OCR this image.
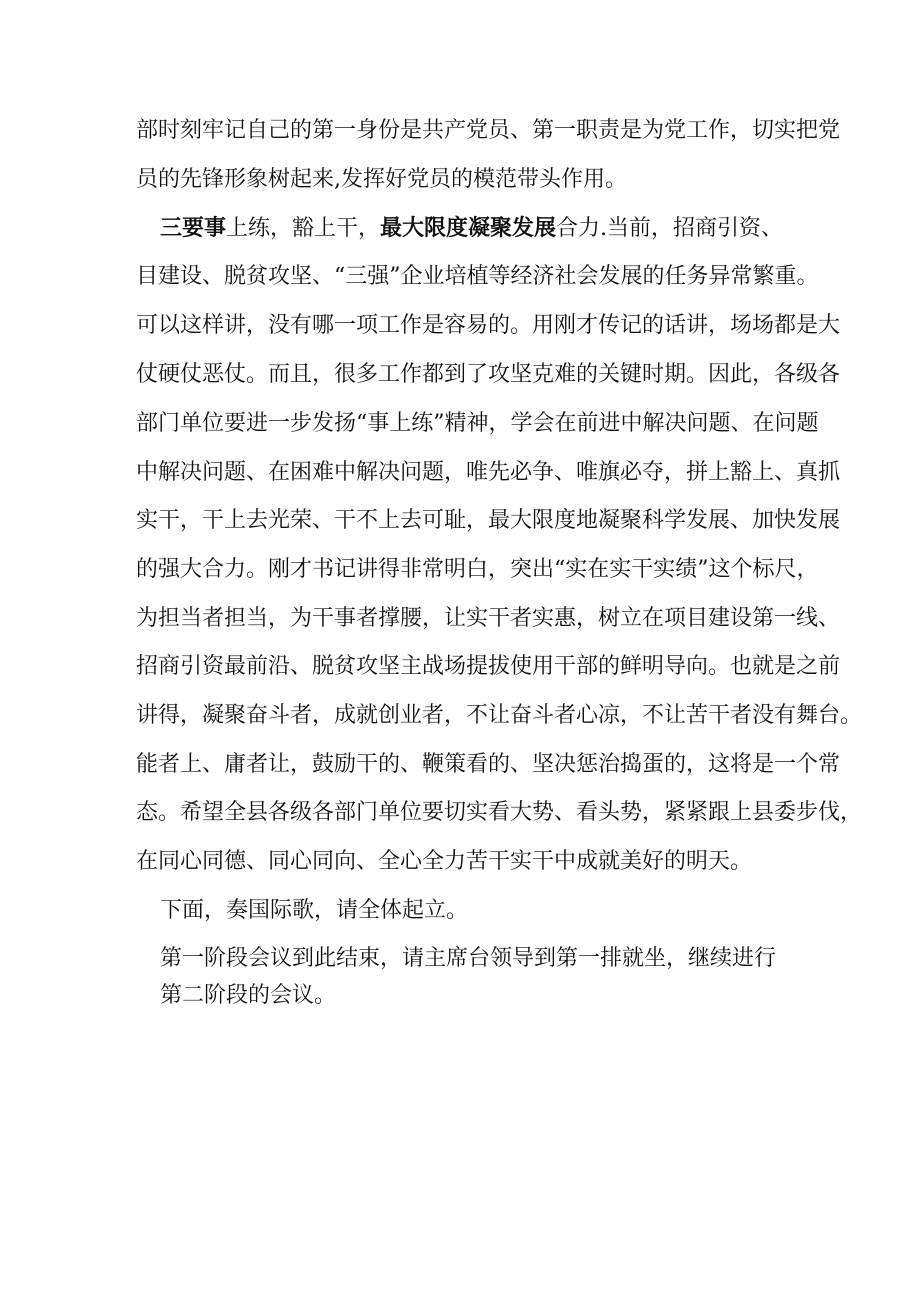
部时刻牢记自己的第一身份是共产党员、第一职责是为党工作，切实把党
员的先锋形象树起来,发挥好党员的模范带头作用。
三要事上练，豁上干，最大限度凝聚发展合力.当前，招商引资、
目建设、脱贫攻坚、“三强”企业培植等经济社会发展的任务异常繁重。
可以这样讲，没有哪一项工作是容易的。用刚才传记的话讲，场场都是大
仗硬仗恶仗。而且，很多工作都到了攻坚克难的关键时期。因此，各级各
部门单位要进一步发扬“事上练”精神，学会在前进中解决问题、在问题
中解决问题、在困难中解决问题，唯先必争、唯旗必夺，拼上豁上、真抓
实干，干上去光荣、干不上去可耻，最大限度地凝聚科学发展、加快发展
的强大合力。刚才书记讲得非常明白，突出“实在实干实绩”这个标尺，
为担当者担当，为干事者撑腰，让实干者实惠，树立在项目建设第一线、
招商引资最前沿、脱贫攻坚主战场提拔使用干部的鲜明导向。也就是之前
讲得，凝聚奋斗者，成就创业者，不让奋斗者心凉，不让苦干者没有舞台。
能者上、庸者让，鼓励干的、鞭策看的、坚决惩治捣蛋的，这将是一个常
态。希望全县各级各部门单位要切实看大势、看头势，紧紧跟上县委步伐，
在同心同德、同心同向、全心全力苦干实干中成就美好的明天。
下面，奏国际歌，请全体起立。
第一阶段会议到此结束，请主席台领导到第一排就坐，继续进行
第二阶段的会议。
